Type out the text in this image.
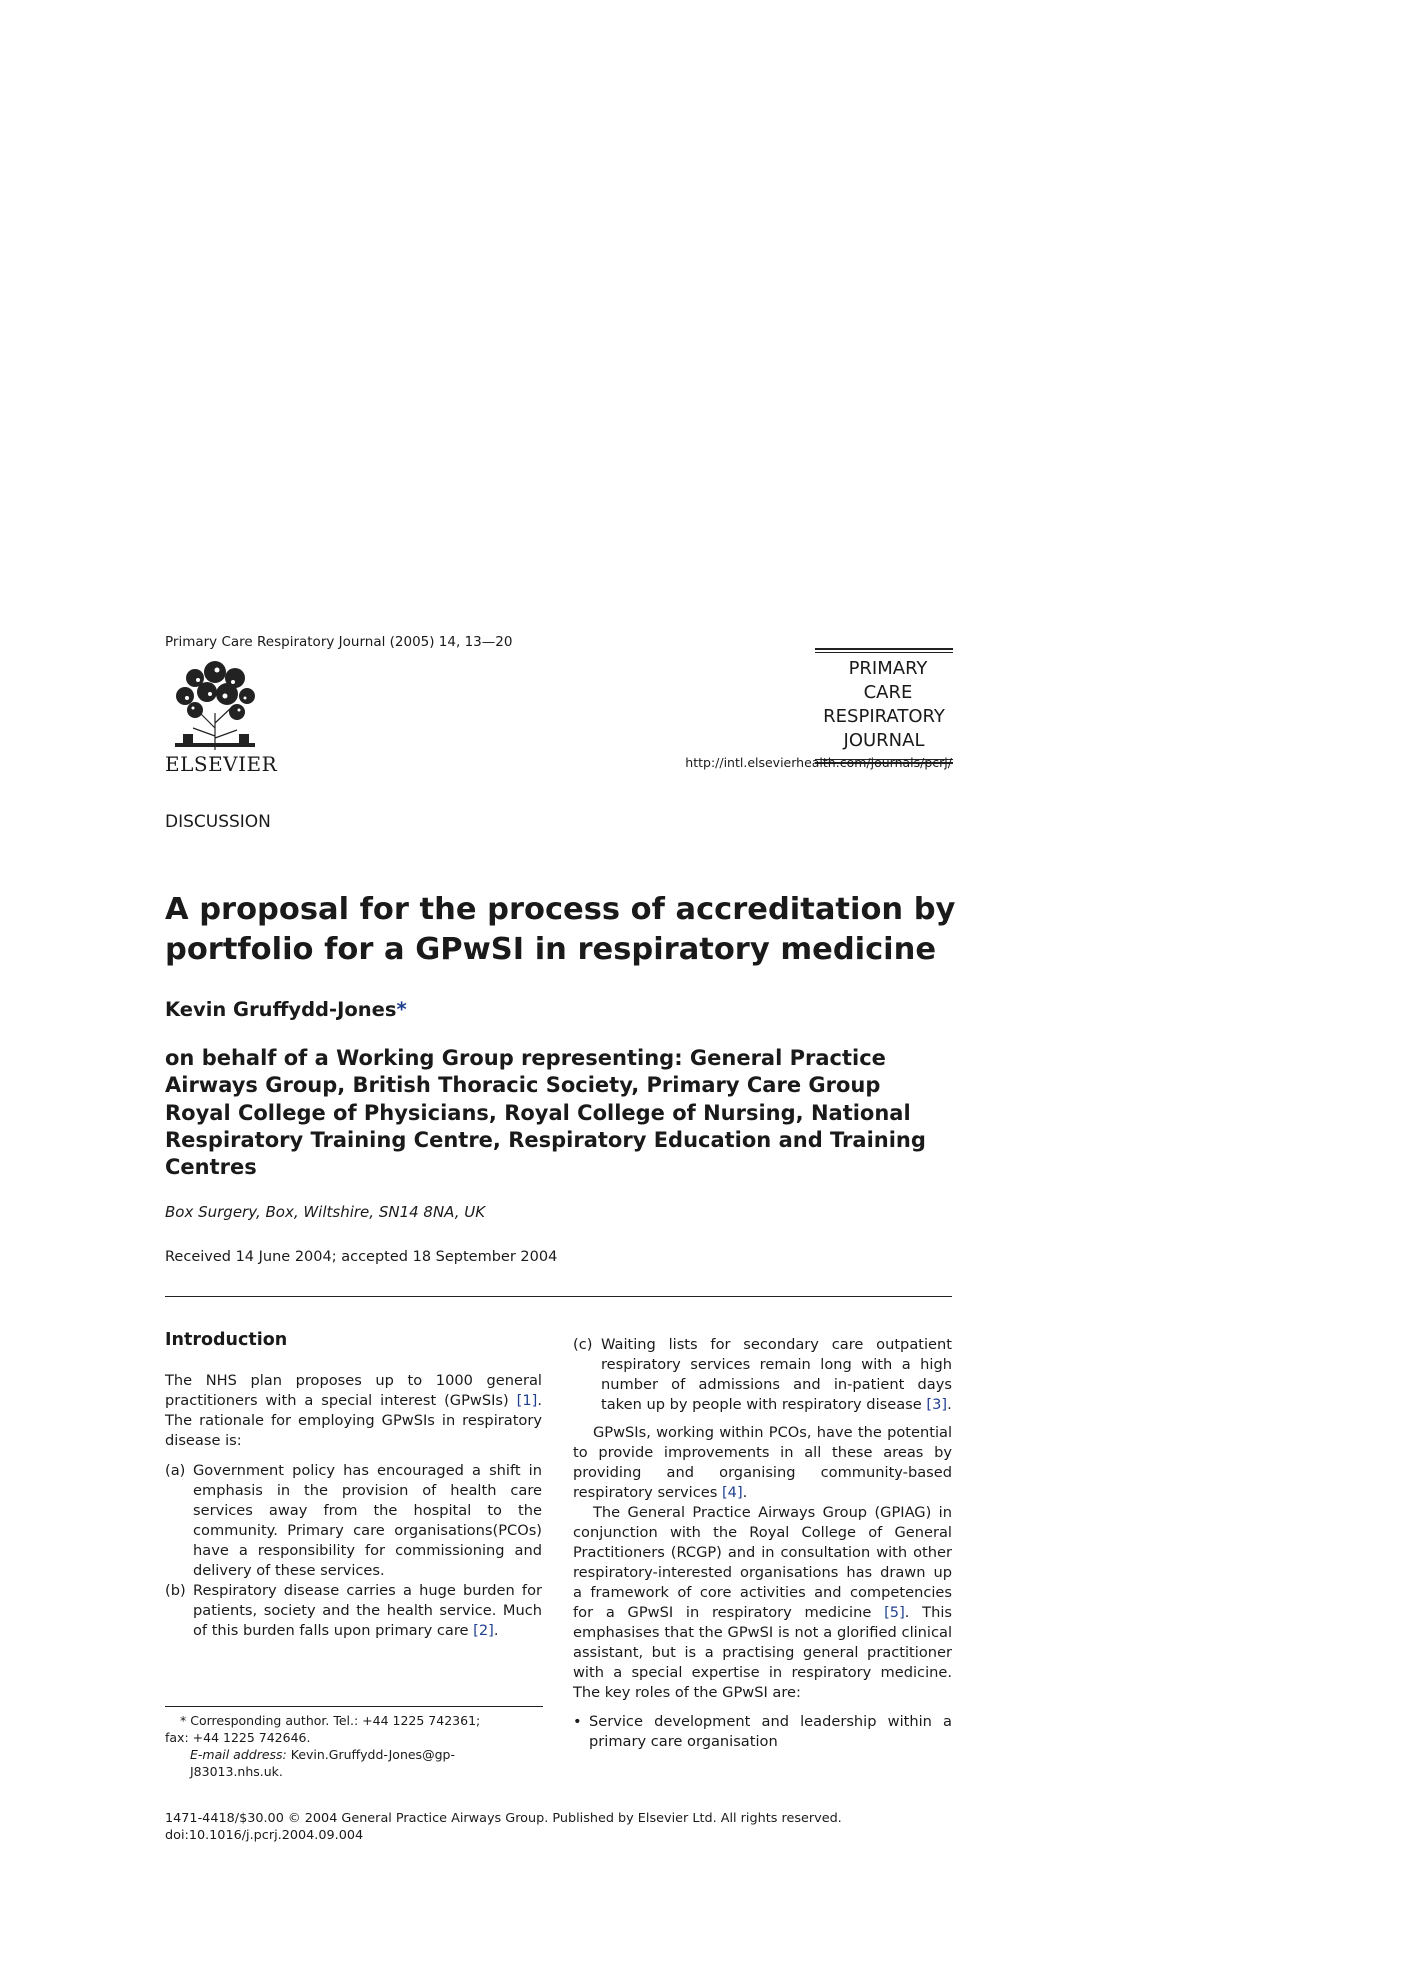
Primary Care Respiratory Journal (2005) 14, 13—20
ELSEVIER
PRIMARY CARE
RESPIRATORY
JOURNAL
http://intl.elsevierhealth.com/journals/pcrj/
DISCUSSION
A proposal for the process of accreditation by portfolio for a GPwSI in respiratory medicine
Kevin Gruffydd-Jones*
on behalf of a Working Group representing: General Practice Airways Group, British Thoracic Society, Primary Care Group Royal College of Physicians, Royal College of Nursing, National Respiratory Training Centre, Respiratory Education and Training Centres
Box Surgery, Box, Wiltshire, SN14 8NA, UK
Received 14 June 2004; accepted 18 September 2004
Introduction

The NHS plan proposes up to 1000 general practitioners with a special interest (GPwSIs) [1]. The rationale for employing GPwSIs in respiratory disease is:

(a) Government policy has encouraged a shift in emphasis in the provision of health care services away from the hospital to the community. Primary care organisations(PCOs) have a responsibility for commissioning and delivery of these services.
(b) Respiratory disease carries a huge burden for patients, society and the health service. Much of this burden falls upon primary care [2].
* Corresponding author. Tel.: +44 1225 742361;
fax: +44 1225 742646.
E-mail address: Kevin.Gruffydd-Jones@gp-J83013.nhs.uk.
(c) Waiting lists for secondary care outpatient respiratory services remain long with a high number of admissions and in-patient days taken up by people with respiratory disease [3].

GPwSIs, working within PCOs, have the potential to provide improvements in all these areas by providing and organising community-based respiratory services [4].

The General Practice Airways Group (GPIAG) in conjunction with the Royal College of General Practitioners (RCGP) and in consultation with other respiratory-interested organisations has drawn up a framework of core activities and competencies for a GPwSI in respiratory medicine [5]. This emphasises that the GPwSI is not a glorified clinical assistant, but is a practising general practitioner with a special expertise in respiratory medicine. The key roles of the GPwSI are:

• Service development and leadership within a primary care organisation
1471-4418/$30.00 © 2004 General Practice Airways Group. Published by Elsevier Ltd. All rights reserved.
doi:10.1016/j.pcrj.2004.09.004
